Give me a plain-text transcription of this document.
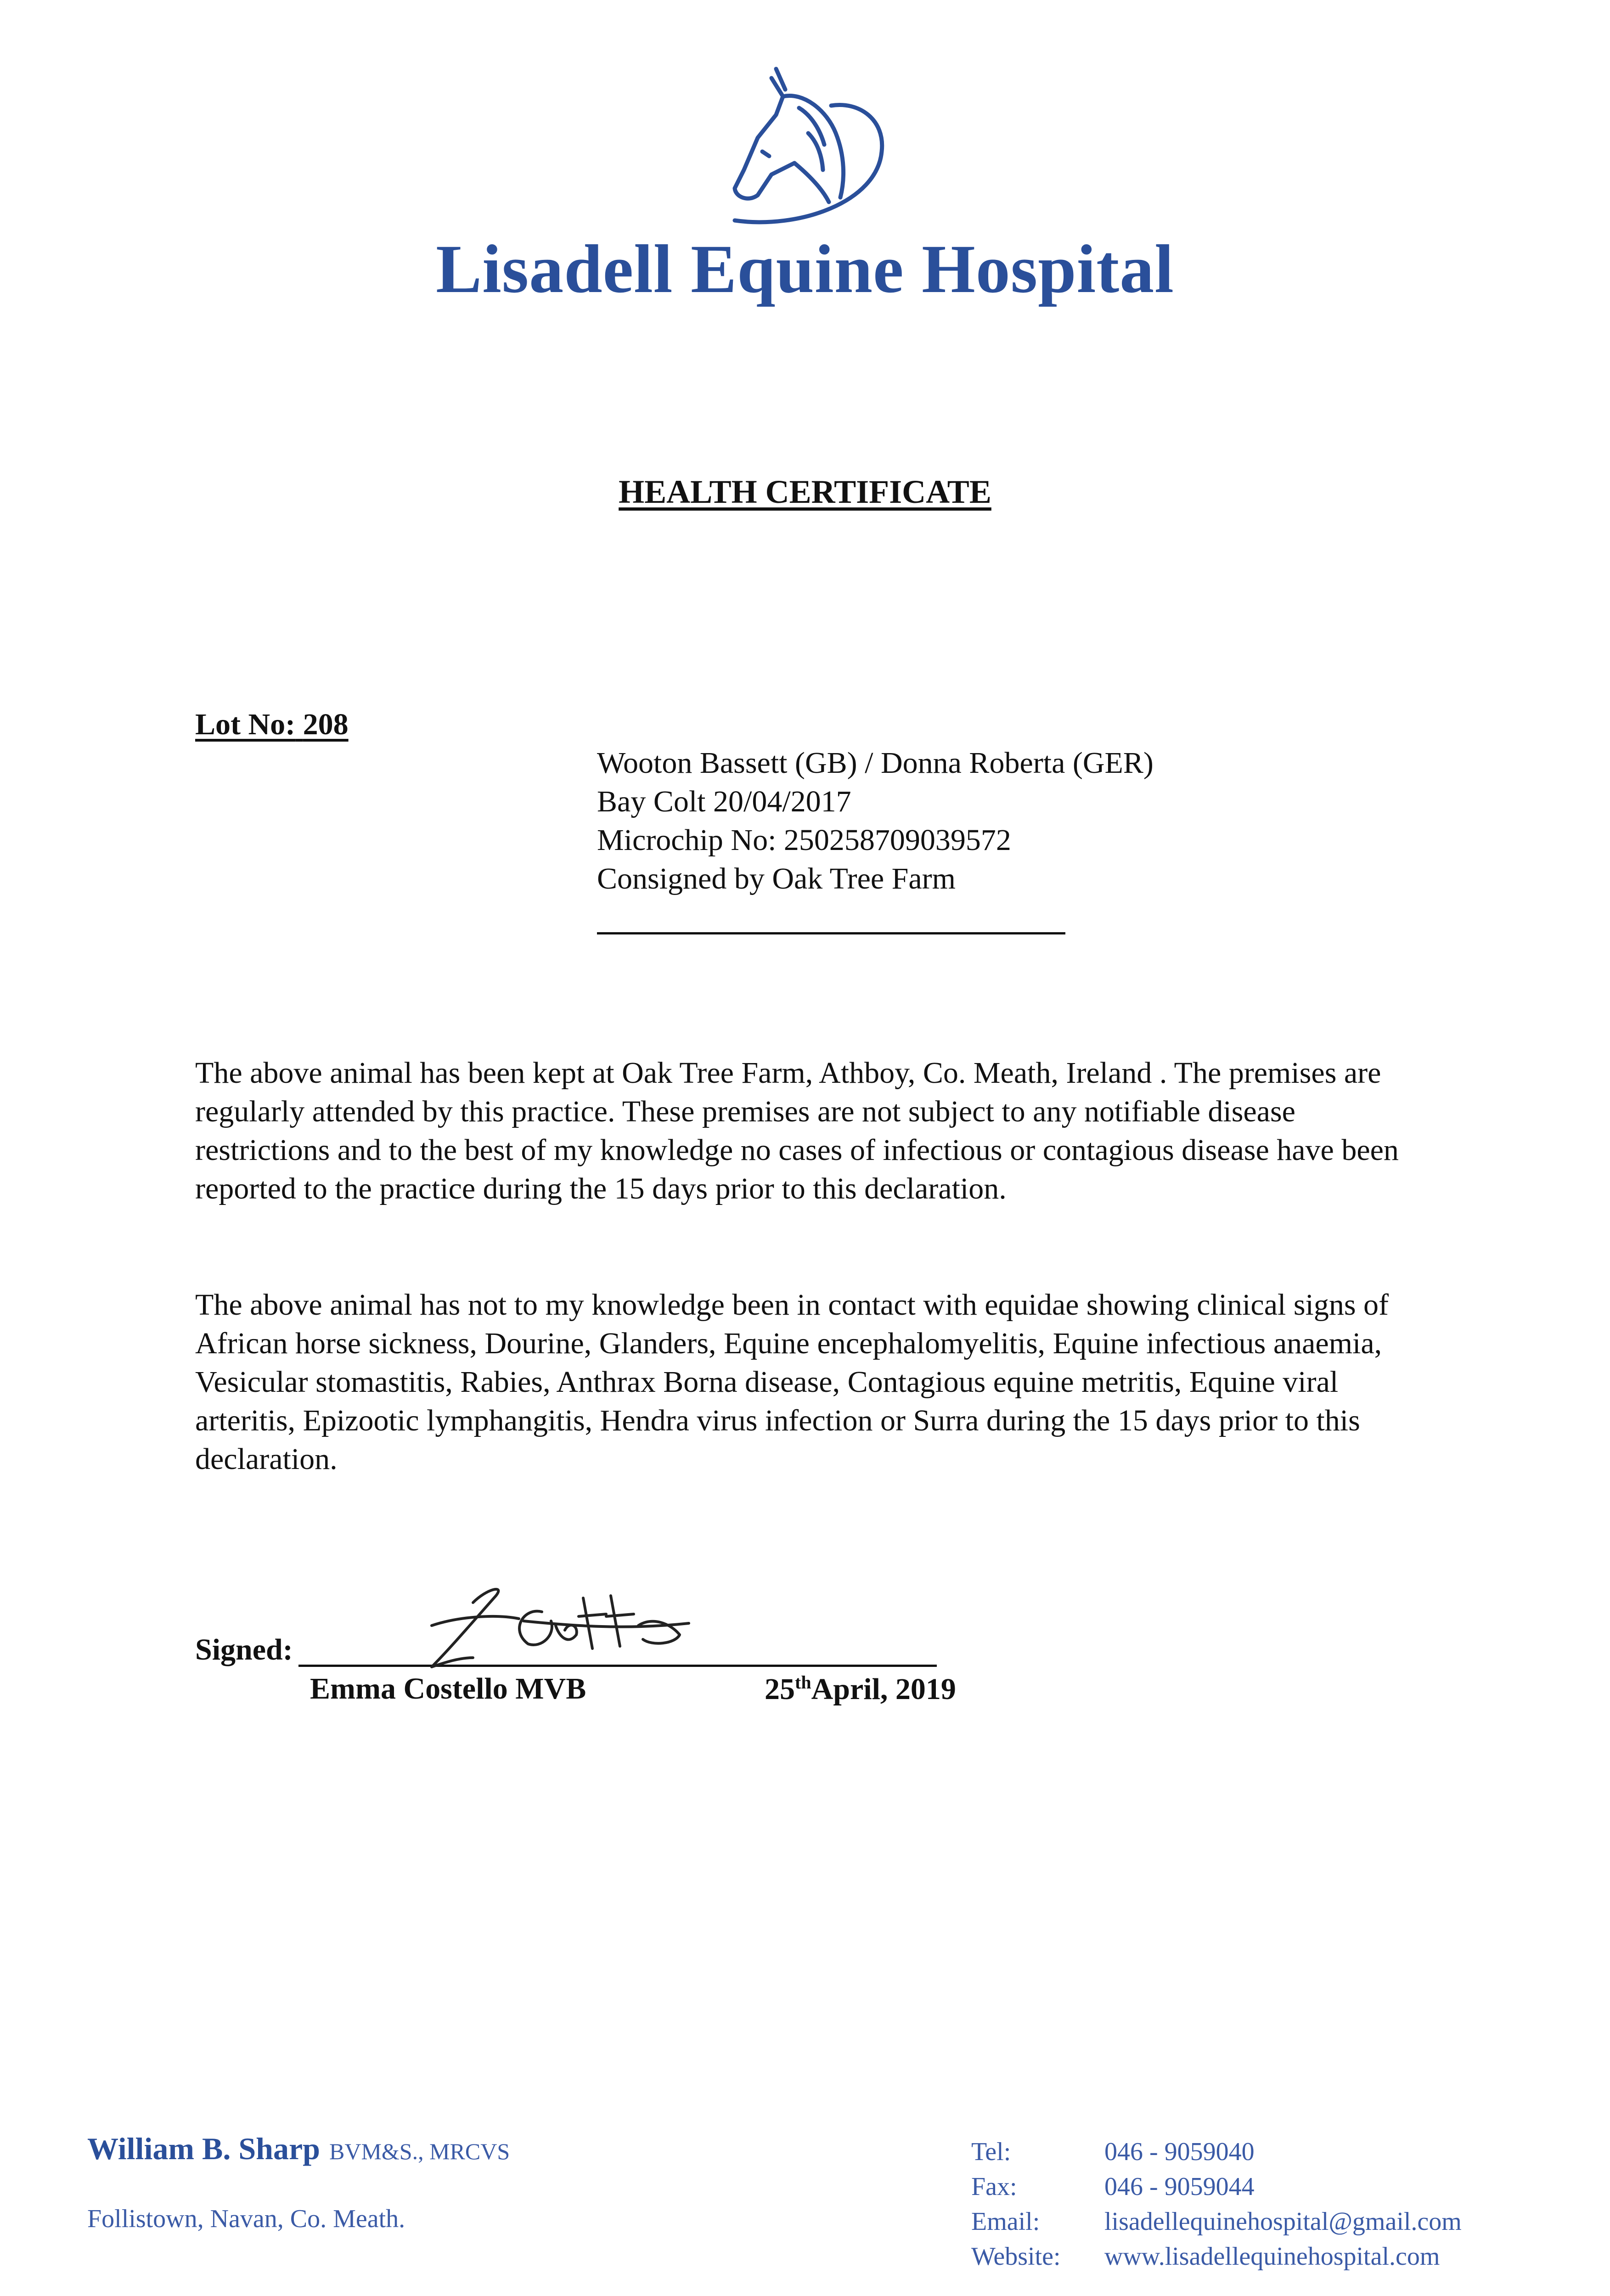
Lisadell Equine Hospital
HEALTH CERTIFICATE
Lot No: 208
Wooton Bassett (GB) / Donna Roberta (GER)
Bay Colt 20/04/2017
Microchip No: 250258709039572
Consigned by Oak Tree Farm
The above animal has been kept at Oak Tree Farm, Athboy, Co. Meath, Ireland . The premises are regularly attended by this practice. These premises are not subject to any notifiable disease restrictions and to the best of my knowledge no cases of infectious or contagious disease have been reported to the practice during the 15 days prior to this declaration.
The above animal has not to my knowledge been in contact with equidae showing clinical signs of African horse sickness, Dourine, Glanders, Equine encephalomyelitis, Equine infectious anaemia, Vesicular stomastitis, Rabies, Anthrax Borna disease, Contagious equine metritis, Equine viral arteritis, Epizootic lymphangitis, Hendra virus infection or Surra during the 15 days prior to this declaration.
Signed:
Emma Costello MVB	25thApril, 2019
William B. Sharp BVM&S., MRCVS
Follistown, Navan, Co. Meath.
Tel:	046 - 9059040
Fax:	046 - 9059044
Email:	lisadellequinehospital@gmail.com
Website: www.lisadellequinehospital.com
